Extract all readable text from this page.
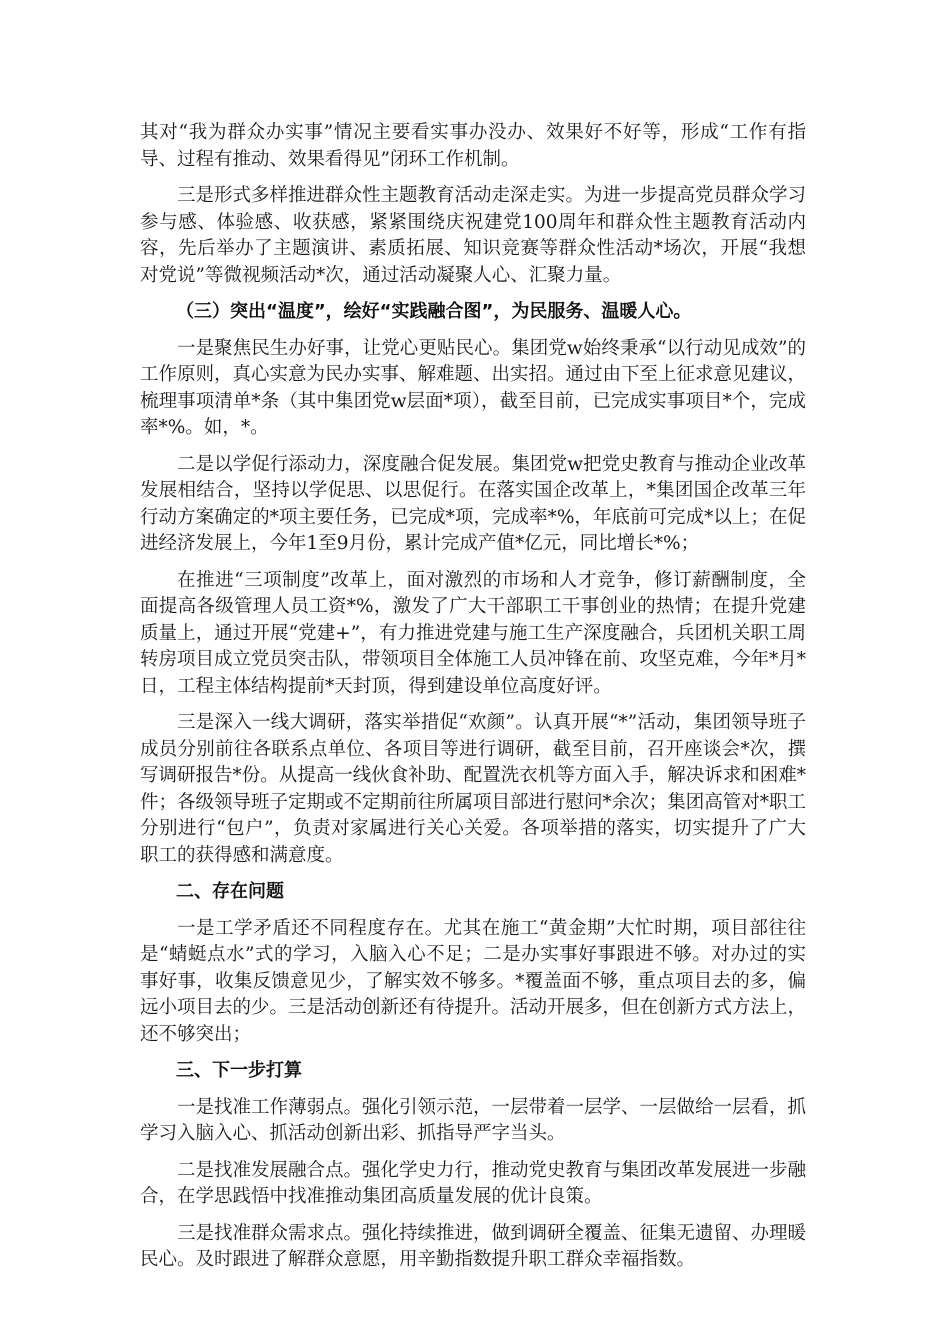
其对“我为群众办实事”情况主要看实事办没办、效果好不好等，形成“工作有指导、过程有推动、效果看得见”闭环工作机制。

三是形式多样推进群众性主题教育活动走深走实。为进一步提高党员群众学习参与感、体验感、收获感，紧紧围绕庆祝建党100周年和群众性主题教育活动内容，先后举办了主题演讲、素质拓展、知识竞赛等群众性活动*场次，开展“我想对党说”等微视频活动*次，通过活动凝聚人心、汇聚力量。

（三）突出“温度”，绘好“实践融合图”，为民服务、温暖人心。

一是聚焦民生办好事，让党心更贴民心。集团党w始终秉承“以行动见成效”的工作原则，真心实意为民办实事、解难题、出实招。通过由下至上征求意见建议，梳理事项清单*条（其中集团党w层面*项），截至目前，已完成实事项目*个，完成率*%。如，*。

二是以学促行添动力，深度融合促发展。集团党w把党史教育与推动企业改革发展相结合，坚持以学促思、以思促行。在落实国企改革上，*集团国企改革三年行动方案确定的*项主要任务，已完成*项，完成率*%，年底前可完成*以上；在促进经济发展上，今年1至9月份，累计完成产值*亿元，同比增长*%；

在推进“三项制度”改革上，面对激烈的市场和人才竞争，修订薪酬制度，全面提高各级管理人员工资*%，激发了广大干部职工干事创业的热情；在提升党建质量上，通过开展“党建+”，有力推进党建与施工生产深度融合，兵团机关职工周转房项目成立党员突击队，带领项目全体施工人员冲锋在前、攻坚克难，今年*月*日，工程主体结构提前*天封顶，得到建设单位高度好评。

三是深入一线大调研，落实举措促“欢颜”。认真开展“*”活动，集团领导班子成员分别前往各联系点单位、各项目等进行调研，截至目前，召开座谈会*次，撰写调研报告*份。从提高一线伙食补助、配置洗衣机等方面入手，解决诉求和困难*件；各级领导班子定期或不定期前往所属项目部进行慰问*余次；集团高管对*职工分别进行“包户”，负责对家属进行关心关爱。各项举措的落实，切实提升了广大职工的获得感和满意度。

二、存在问题

一是工学矛盾还不同程度存在。尤其在施工“黄金期”大忙时期，项目部往往是“蜻蜓点水”式的学习，入脑入心不足；二是办实事好事跟进不够。对办过的实事好事，收集反馈意见少，了解实效不够多。*覆盖面不够，重点项目去的多，偏远小项目去的少。三是活动创新还有待提升。活动开展多，但在创新方式方法上，还不够突出；

三、下一步打算

一是找准工作薄弱点。强化引领示范，一层带着一层学、一层做给一层看，抓学习入脑入心、抓活动创新出彩、抓指导严字当头。

二是找准发展融合点。强化学史力行，推动党史教育与集团改革发展进一步融合，在学思践悟中找准推动集团高质量发展的优计良策。

三是找准群众需求点。强化持续推进，做到调研全覆盖、征集无遗留、办理暖民心。及时跟进了解群众意愿，用辛勤指数提升职工群众幸福指数。
